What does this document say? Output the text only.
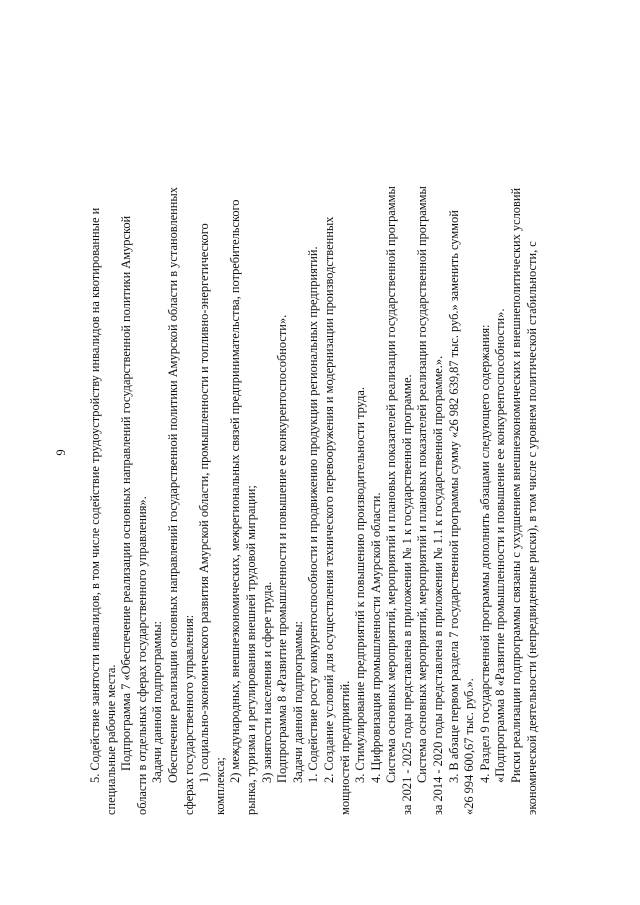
9 5. Содействие занятости инвалидов, в том числе содействие трудоустройству инвалидов на квотированные и специальные рабочие места. Подпрограмма 7 «Обеспечение реализации основных направлений государственной политики Амурской области в отдельных сферах государственного управления». Задачи данной подпрограммы: Обеспечение реализации основных направлений государственной политики Амурской области в установленных сферах государственного управления: 1) социально-экономического развития Амурской области, промышленности и топливно-энергетического
комплекса;
2) международных, внешнеэкономических, межрегиональных связей предпринимательства, потребительского рынка, туризма и регулирования внешней трудовой миграции; 3) занятости населения и сфере труда. Подпрограмма 8 «Развитие промышленности и повышение ее конкурентоспособности». Задачи данной подпрограммы: 1. Содействие росту конкурентоспособности и продвижению продукции региональных предприятий. 2. Создание условий для осуществления технического перевооружения и модернизации производственных мощностей предприятий. 3. Стимулирование предприятий к повышению производительности труда. 4. Цифровизация промышленности Амурской области. Система основных мероприятий, мероприятий и плановых показателей реализации государственной программы за 2021 - 2025 годы представлена в приложении № 1 к государственной программе. Система основных мероприятий, мероприятий и плановых показателей реализации государственной программы за 2014 - 2020 годы представлена в приложении № 1.1 к государственной программе.». 3. В абзаце первом раздела 7 государственной программы сумму «26 982 639,87 тыс. руб.» заменить суммой «26 994 600,67 тыс. руб.». 4. Раздел 9 государственной программы дополнить абзацами следующего содержания: «Подпрограмма 8 «Развитие промышленности и повышение ее конкурентоспособности». Риски реализации подпрограммы связаны с ухудшением внешнеэкономических и внешнеполитических условий экономической деятельности (непредвиденные риски), в том числе с уровнем политической стабильности, с
